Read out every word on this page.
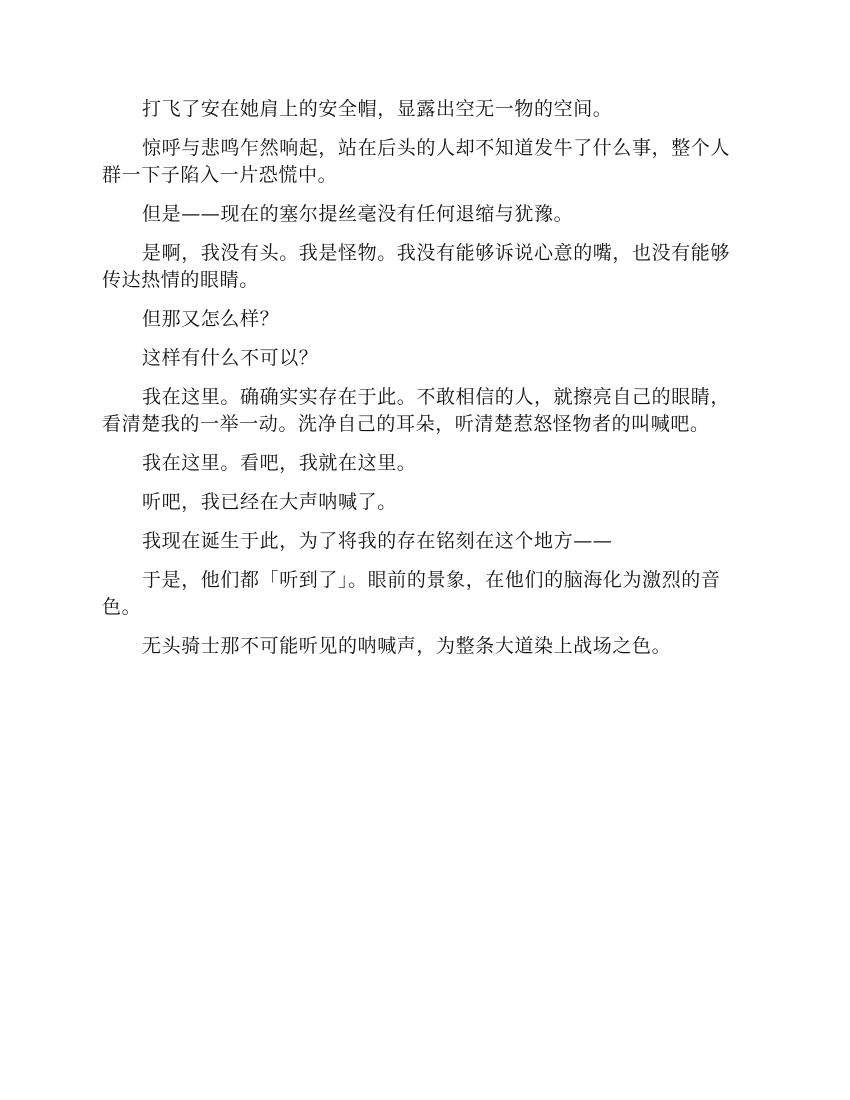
打飞了安在她肩上的安全帽，显露出空无一物的空间。

惊呼与悲鸣乍然响起，站在后头的人却不知道发牛了什么事，整个人群一下子陷入一片恐慌中。

但是——现在的塞尔提丝毫没有任何退缩与犹豫。

是啊，我没有头。我是怪物。我没有能够诉说心意的嘴，也没有能够传达热情的眼睛。

但那又怎么样？

这样有什么不可以？

我在这里。确确实实存在于此。不敢相信的人，就擦亮自己的眼睛，看清楚我的一举一动。洗净自己的耳朵，听清楚惹怒怪物者的叫喊吧。

我在这里。看吧，我就在这里。

听吧，我已经在大声呐喊了。

我现在诞生于此，为了将我的存在铭刻在这个地方——

于是，他们都「听到了」。眼前的景象，在他们的脑海化为激烈的音色。

无头骑士那不可能听见的呐喊声，为整条大道染上战场之色。
